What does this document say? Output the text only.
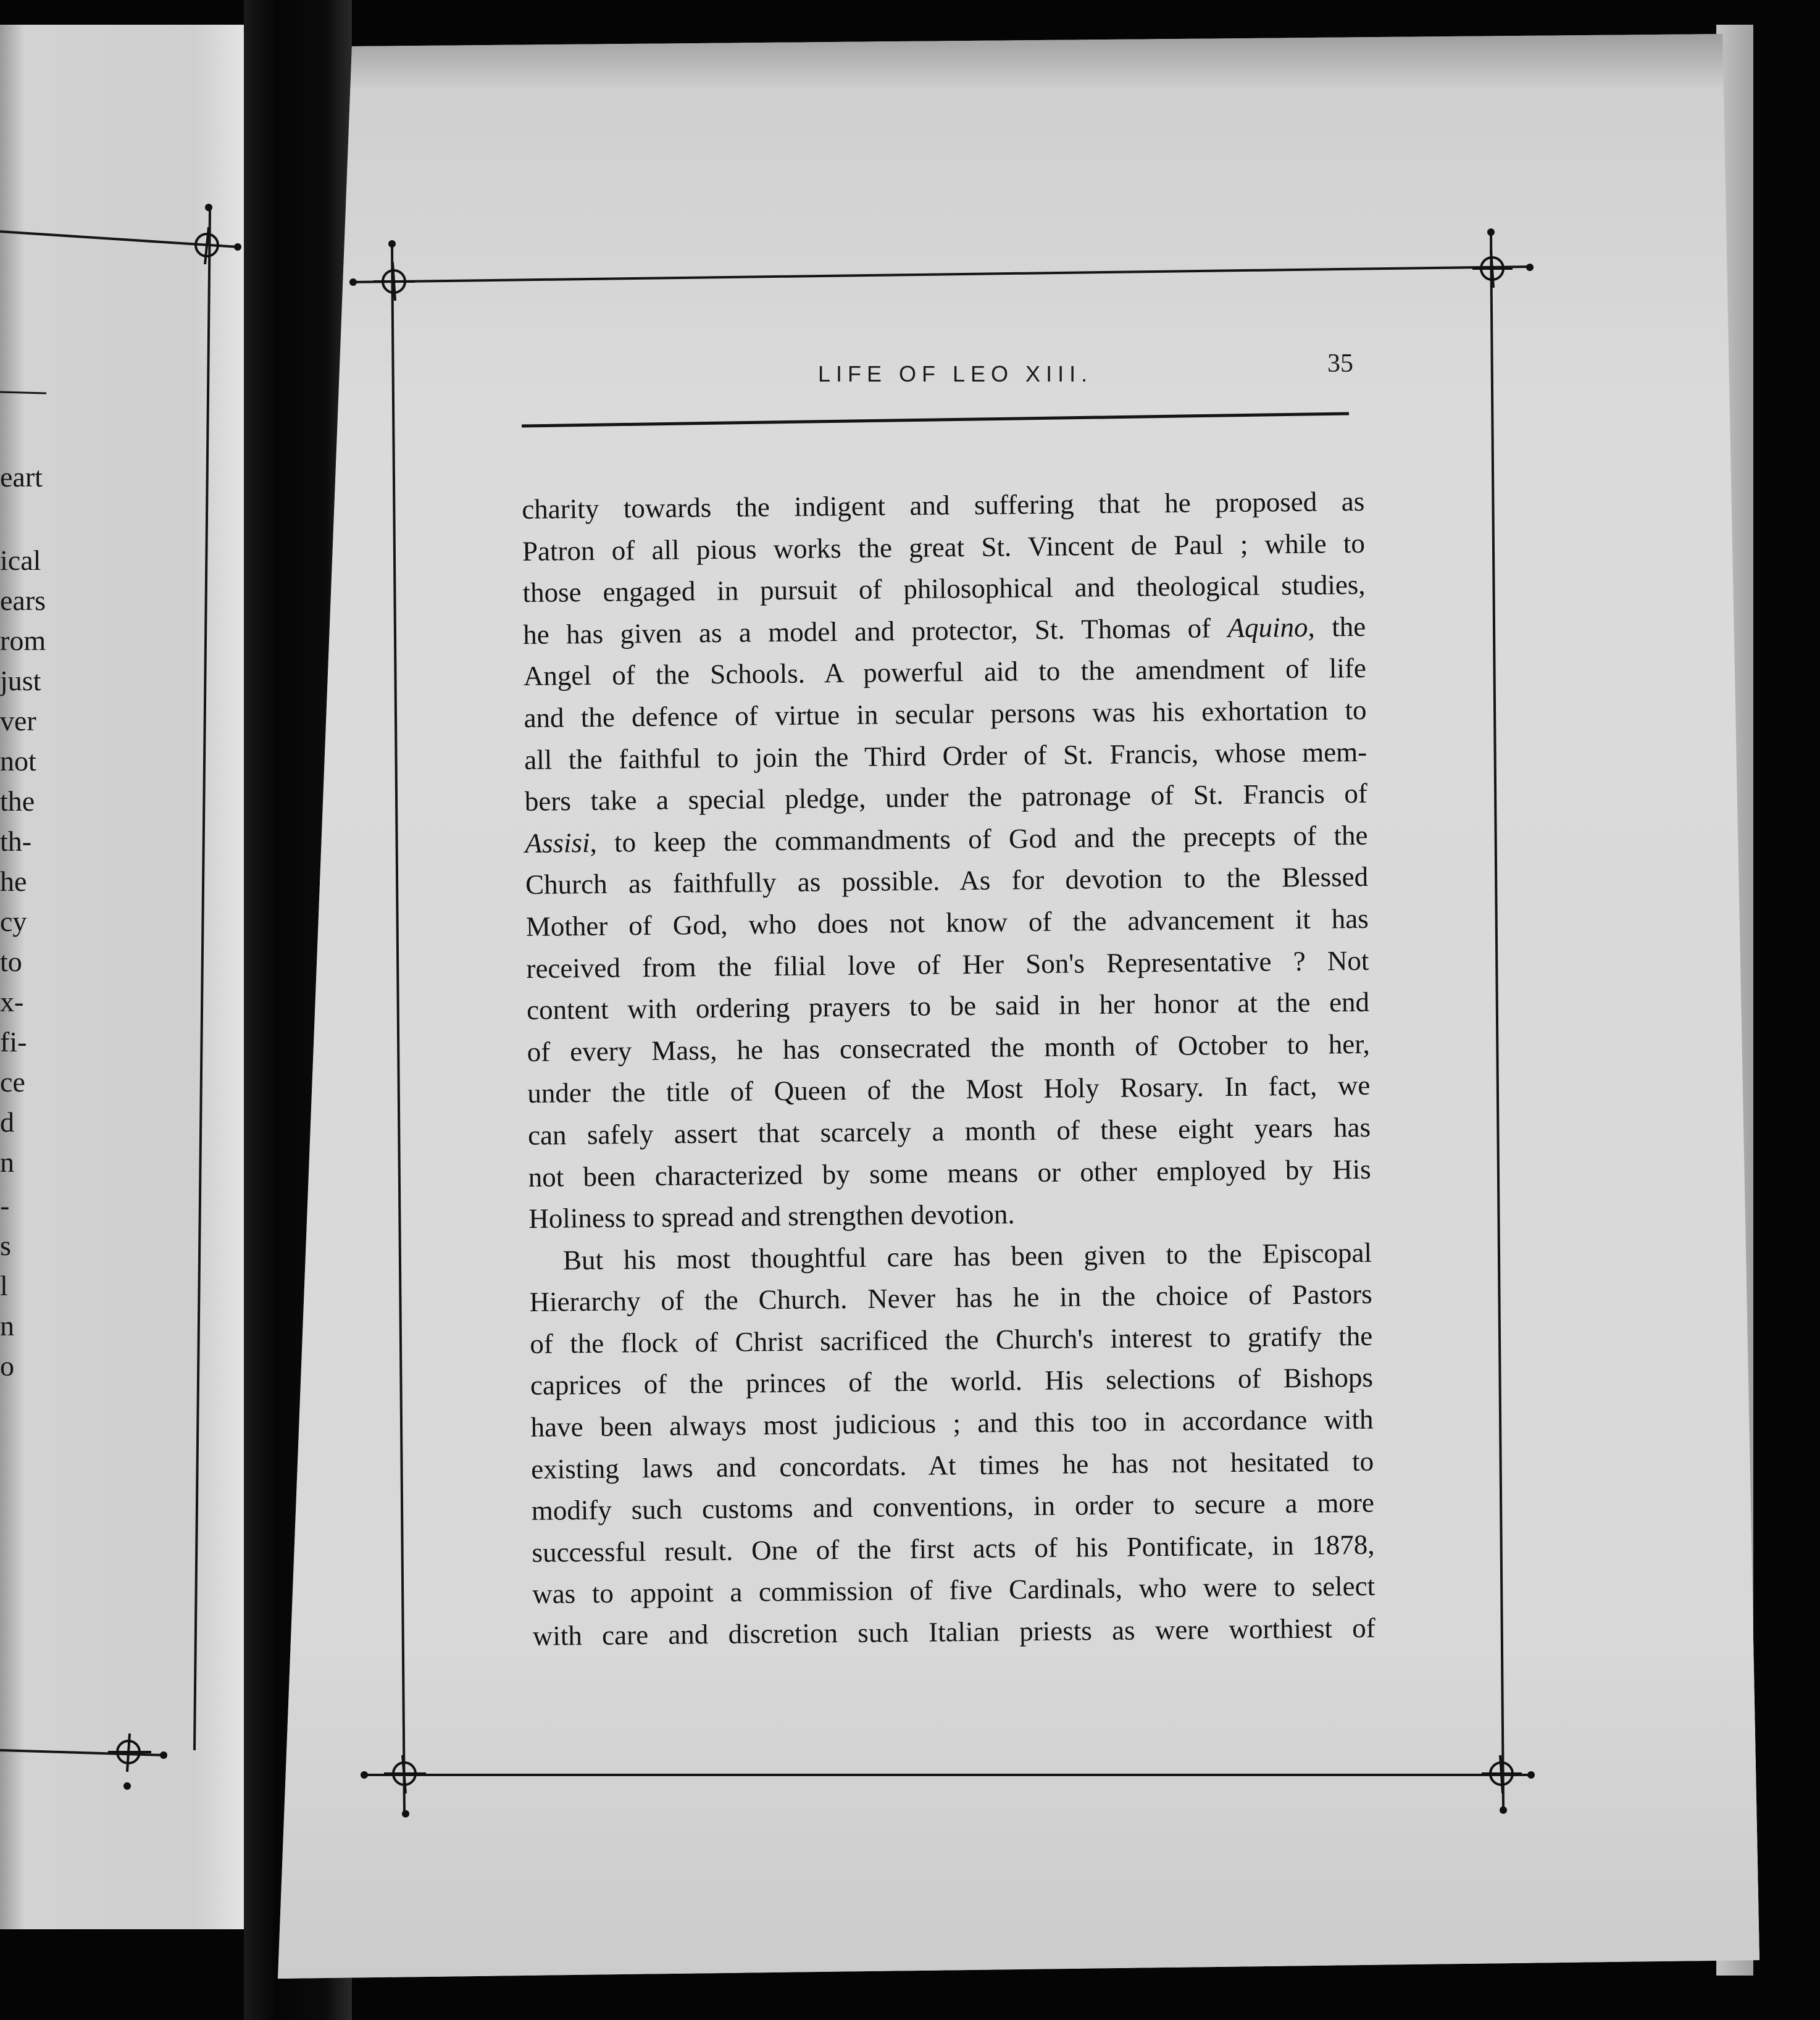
eart
ical
ears
rom
just
ver
not
the
th-
he
cy
to
x-
fi-
ce
d
n
-
s
l
n
o
LIFE OF LEO XIII.	35
charity towards the indigent and suffering that he proposed as
Patron of all pious works the great St. Vincent de Paul ; while to
those engaged in pursuit of philosophical and theological studies,
he has given as a model and protector, St. Thomas of Aquino, the
Angel of the Schools. A powerful aid to the amendment of life
and the defence of virtue in secular persons was his exhortation to
all the faithful to join the Third Order of St. Francis, whose mem-
bers take a special pledge, under the patronage of St. Francis of
Assisi, to keep the commandments of God and the precepts of the
Church as faithfully as possible. As for devotion to the Blessed
Mother of God, who does not know of the advancement it has
received from the filial love of Her Son's Representative ? Not
content with ordering prayers to be said in her honor at the end
of every Mass, he has consecrated the month of October to her,
under the title of Queen of the Most Holy Rosary. In fact, we
can safely assert that scarcely a month of these eight years has
not been characterized by some means or other employed by His
Holiness to spread and strengthen devotion.
But his most thoughtful care has been given to the Episcopal
Hierarchy of the Church. Never has he in the choice of Pastors
of the flock of Christ sacrificed the Church's interest to gratify the
caprices of the princes of the world. His selections of Bishops
have been always most judicious ; and this too in accordance with
existing laws and concordats. At times he has not hesitated to
modify such customs and conventions, in order to secure a more
successful result. One of the first acts of his Pontificate, in 1878,
was to appoint a commission of five Cardinals, who were to select
with care and discretion such Italian priests as were worthiest of
